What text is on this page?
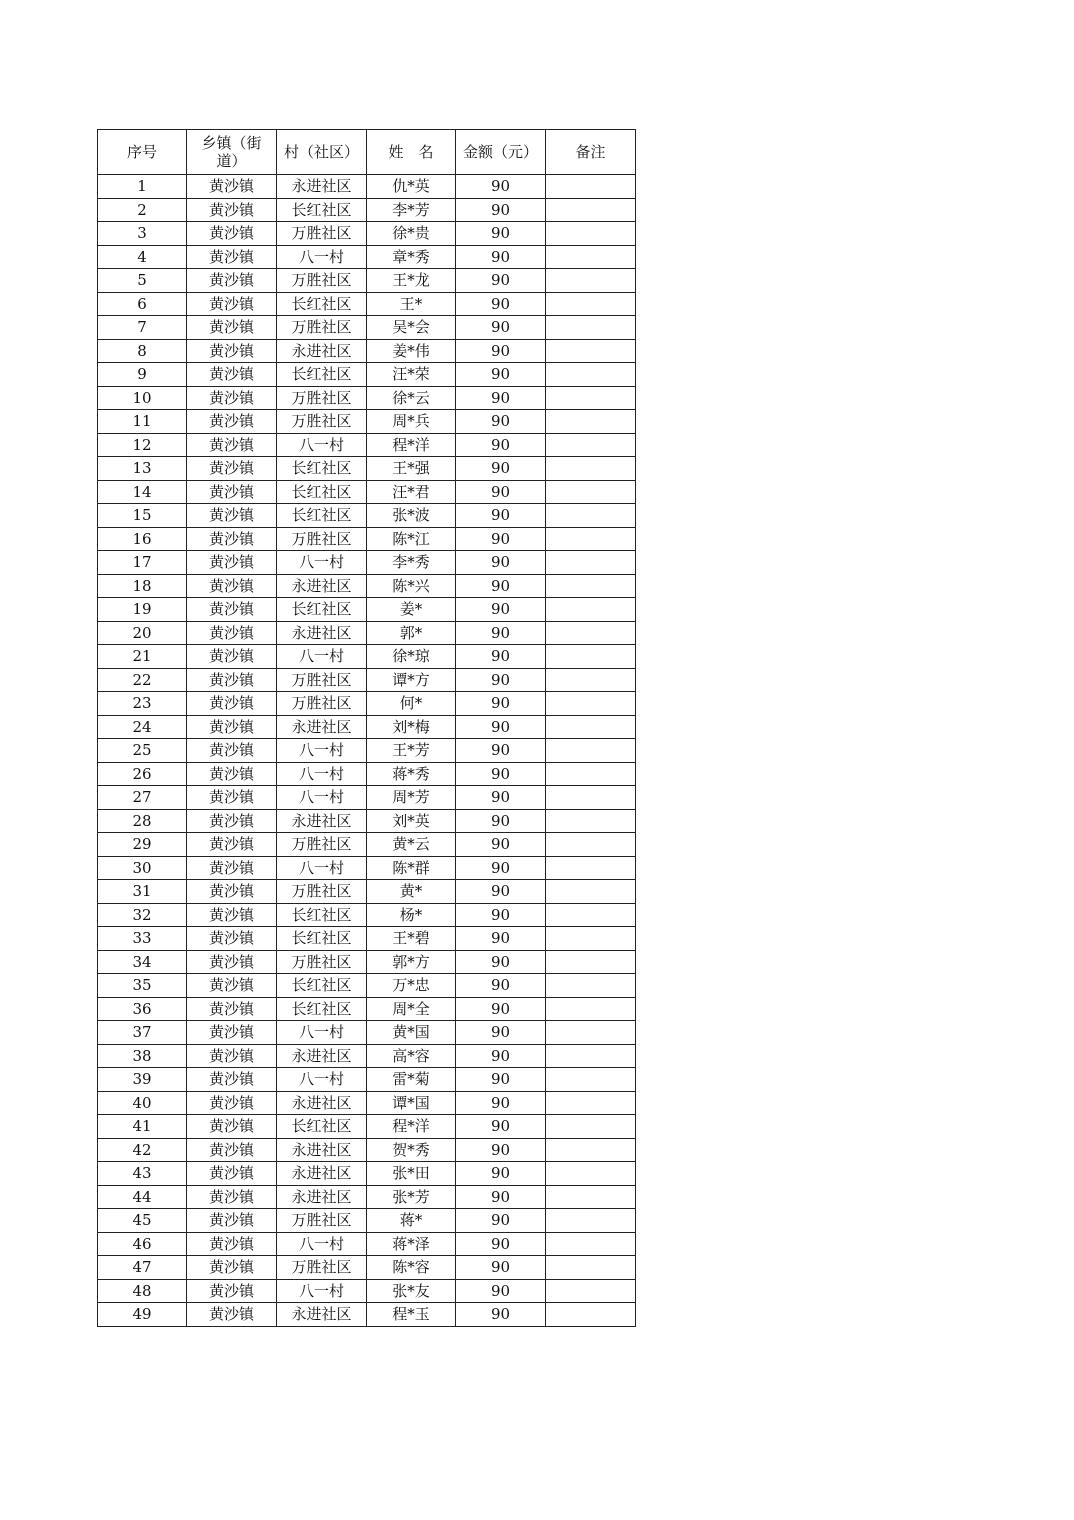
序号	乡镇（街道）	村（社区）	姓　名	金额（元）	备注
1	黄沙镇	永进社区	仇*英	90	
2	黄沙镇	长红社区	李*芳	90	
3	黄沙镇	万胜社区	徐*贵	90	
4	黄沙镇	八一村	章*秀	90	
5	黄沙镇	万胜社区	王*龙	90	
6	黄沙镇	长红社区	王*	90	
7	黄沙镇	万胜社区	吴*会	90	
8	黄沙镇	永进社区	姜*伟	90	
9	黄沙镇	长红社区	汪*荣	90	
10	黄沙镇	万胜社区	徐*云	90	
11	黄沙镇	万胜社区	周*兵	90	
12	黄沙镇	八一村	程*洋	90	
13	黄沙镇	长红社区	王*强	90	
14	黄沙镇	长红社区	汪*君	90	
15	黄沙镇	长红社区	张*波	90	
16	黄沙镇	万胜社区	陈*江	90	
17	黄沙镇	八一村	李*秀	90	
18	黄沙镇	永进社区	陈*兴	90	
19	黄沙镇	长红社区	姜*	90	
20	黄沙镇	永进社区	郭*	90	
21	黄沙镇	八一村	徐*琼	90	
22	黄沙镇	万胜社区	谭*方	90	
23	黄沙镇	万胜社区	何*	90	
24	黄沙镇	永进社区	刘*梅	90	
25	黄沙镇	八一村	王*芳	90	
26	黄沙镇	八一村	蒋*秀	90	
27	黄沙镇	八一村	周*芳	90	
28	黄沙镇	永进社区	刘*英	90	
29	黄沙镇	万胜社区	黄*云	90	
30	黄沙镇	八一村	陈*群	90	
31	黄沙镇	万胜社区	黄*	90	
32	黄沙镇	长红社区	杨*	90	
33	黄沙镇	长红社区	王*碧	90	
34	黄沙镇	万胜社区	郭*方	90	
35	黄沙镇	长红社区	万*忠	90	
36	黄沙镇	长红社区	周*全	90	
37	黄沙镇	八一村	黄*国	90	
38	黄沙镇	永进社区	高*容	90	
39	黄沙镇	八一村	雷*菊	90	
40	黄沙镇	永进社区	谭*国	90	
41	黄沙镇	长红社区	程*洋	90	
42	黄沙镇	永进社区	贺*秀	90	
43	黄沙镇	永进社区	张*田	90	
44	黄沙镇	永进社区	张*芳	90	
45	黄沙镇	万胜社区	蒋*	90	
46	黄沙镇	八一村	蒋*泽	90	
47	黄沙镇	万胜社区	陈*容	90	
48	黄沙镇	八一村	张*友	90	
49	黄沙镇	永进社区	程*玉	90	
